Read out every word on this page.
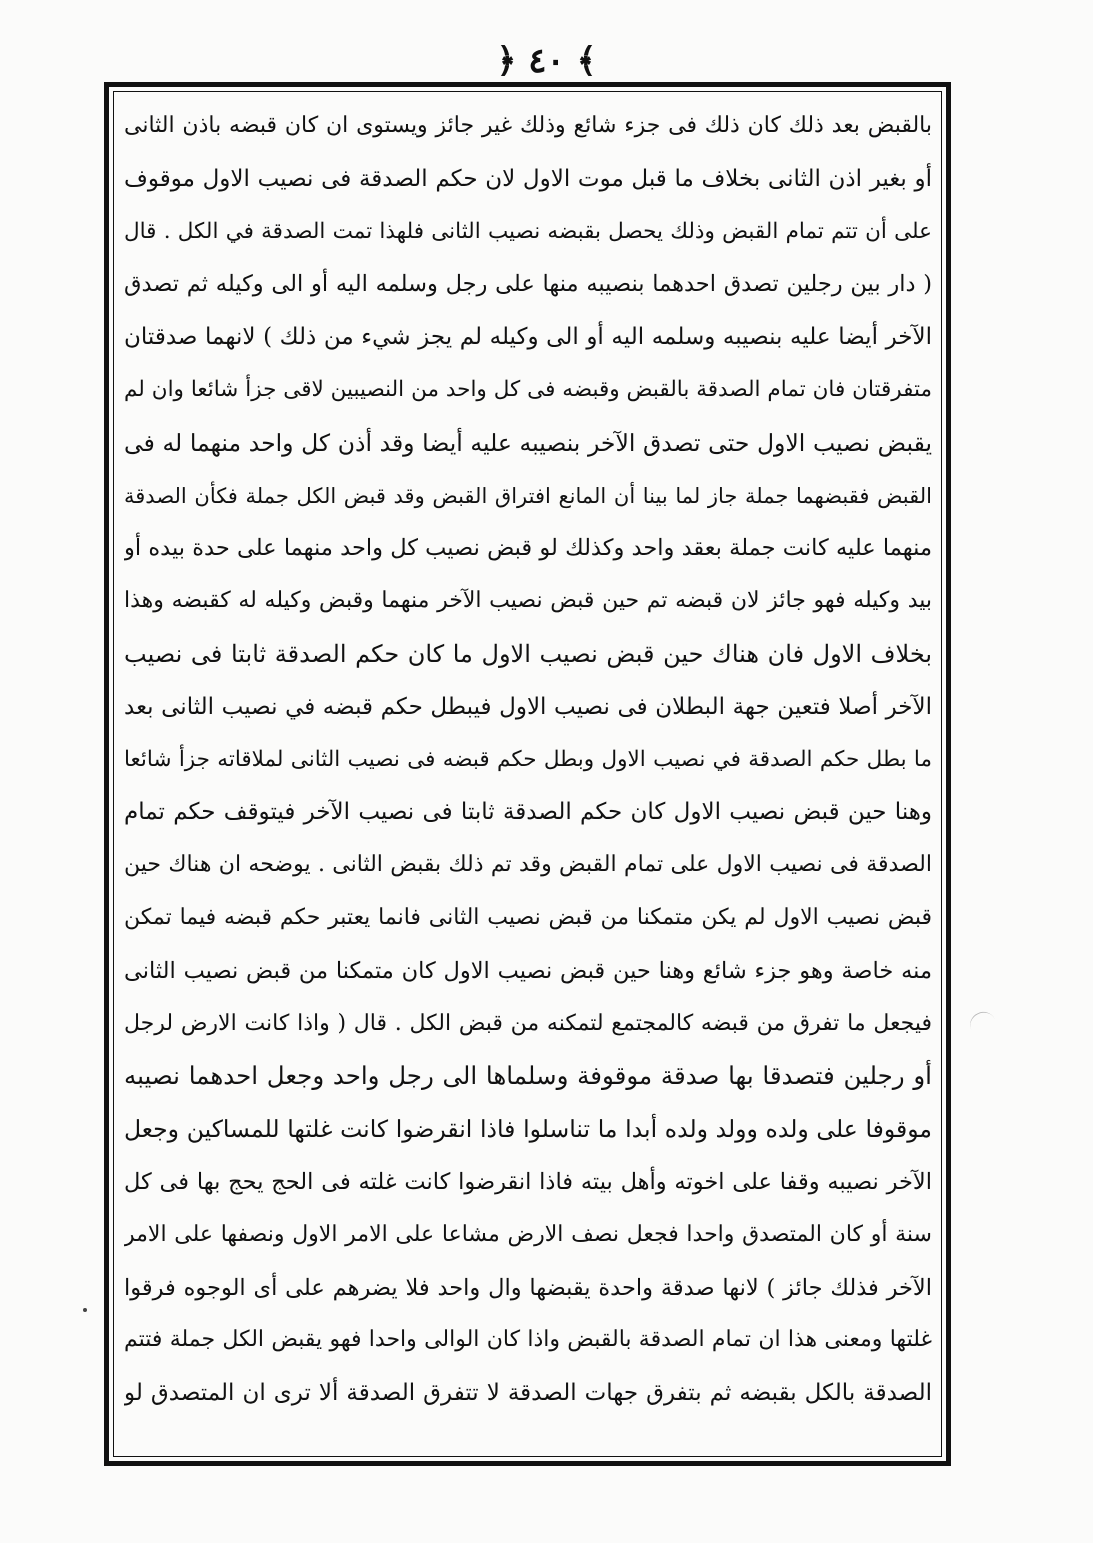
﴿ ٤٠ ﴾
بالقبض بعد ذلك كان ذلك فى جزء شائع وذلك غير جائز ويستوى ان كان قبضه باذن الثانى
أو بغير اذن الثانى بخلاف ما قبل موت الاول لان حكم الصدقة فى نصيب الاول موقوف
على أن تتم تمام القبض وذلك يحصل بقبضه نصيب الثانى فلهذا تمت الصدقة في الكل . قال
( دار بين رجلين تصدق احدهما بنصيبه منها على رجل وسلمه اليه أو الى وكيله ثم تصدق
الآخر أيضا عليه بنصيبه وسلمه اليه أو الى وكيله لم يجز شيء من ذلك ) لانهما صدقتان
متفرقتان فان تمام الصدقة بالقبض وقبضه فى كل واحد من النصيبين لاقى جزأ شائعا وان لم
يقبض نصيب الاول حتى تصدق الآخر بنصيبه عليه أيضا وقد أذن كل واحد منهما له فى
القبض فقبضهما جملة جاز لما بينا أن المانع افتراق القبض وقد قبض الكل جملة فكأن الصدقة
منهما عليه كانت جملة بعقد واحد وكذلك لو قبض نصيب كل واحد منهما على حدة بيده أو
بيد وكيله فهو جائز لان قبضه تم حين قبض نصيب الآخر منهما وقبض وكيله له كقبضه وهذا
بخلاف الاول فان هناك حين قبض نصيب الاول ما كان حكم الصدقة ثابتا فى نصيب
الآخر أصلا فتعين جهة البطلان فى نصيب الاول فيبطل حكم قبضه في نصيب الثانى بعد
ما بطل حكم الصدقة في نصيب الاول وبطل حكم قبضه فى نصيب الثانى لملاقاته جزأ شائعا
وهنا حين قبض نصيب الاول كان حكم الصدقة ثابتا فى نصيب الآخر فيتوقف حكم تمام
الصدقة فى نصيب الاول على تمام القبض وقد تم ذلك بقبض الثانى . يوضحه ان هناك حين
قبض نصيب الاول لم يكن متمكنا من قبض نصيب الثانى فانما يعتبر حكم قبضه فيما تمكن
منه خاصة وهو جزء شائع وهنا حين قبض نصيب الاول كان متمكنا من قبض نصيب الثانى
فيجعل ما تفرق من قبضه كالمجتمع لتمكنه من قبض الكل . قال ( واذا كانت الارض لرجل
أو رجلين فتصدقا بها صدقة موقوفة وسلماها الى رجل واحد وجعل احدهما نصيبه
موقوفا على ولده وولد ولده أبدا ما تناسلوا فاذا انقرضوا كانت غلتها للمساكين وجعل
الآخر نصيبه وقفا على اخوته وأهل بيته فاذا انقرضوا كانت غلته فى الحج يحج بها فى كل
سنة أو كان المتصدق واحدا فجعل نصف الارض مشاعا على الامر الاول ونصفها على الامر
الآخر فذلك جائز ) لانها صدقة واحدة يقبضها وال واحد فلا يضرهم على أى الوجوه فرقوا
غلتها ومعنى هذا ان تمام الصدقة بالقبض واذا كان الوالى واحدا فهو يقبض الكل جملة فتتم
الصدقة بالكل بقبضه ثم بتفرق جهات الصدقة لا تتفرق الصدقة ألا ترى ان المتصدق لو
